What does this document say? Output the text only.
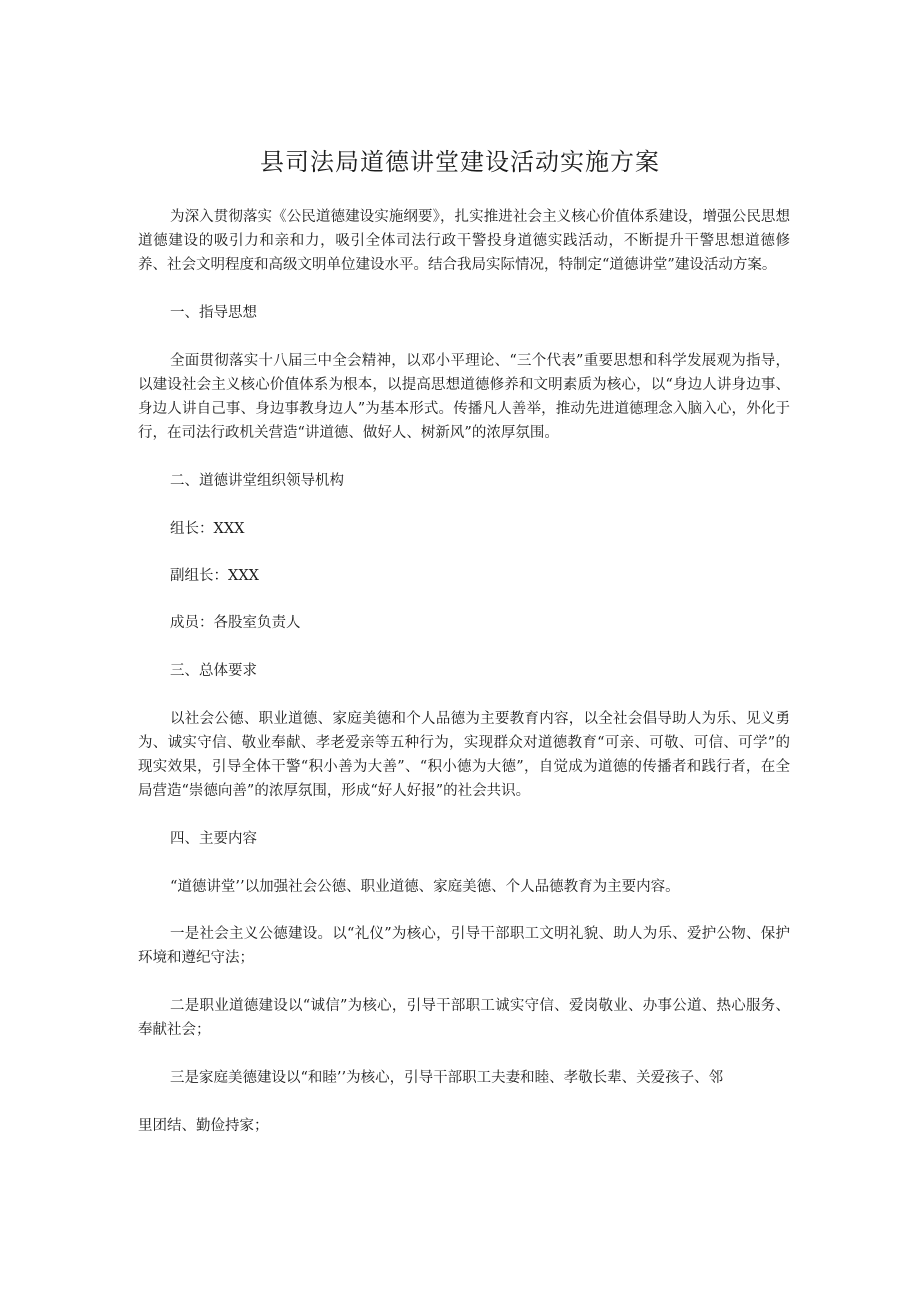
县司法局道德讲堂建设活动实施方案

为深入贯彻落实《公民道德建设实施纲要》，扎实推进社会主义核心价值体系建设，增强公民思想道德建设的吸引力和亲和力，吸引全体司法行政干警投身道德实践活动，不断提升干警思想道德修养、社会文明程度和高级文明单位建设水平。结合我局实际情况，特制定“道德讲堂”建设活动方案。

一、指导思想

全面贯彻落实十八届三中全会精神，以邓小平理论、“三个代表”重要思想和科学发展观为指导，以建设社会主义核心价值体系为根本，以提高思想道德修养和文明素质为核心，以“身边人讲身边事、身边人讲自己事、身边事教身边人”为基本形式。传播凡人善举，推动先进道德理念入脑入心，外化于行，在司法行政机关营造“讲道德、做好人、树新风”的浓厚氛围。

二、道德讲堂组织领导机构

组长：XXX

副组长：XXX

成员：各股室负责人

三、总体要求

以社会公德、职业道德、家庭美德和个人品德为主要教育内容，以全社会倡导助人为乐、见义勇为、诚实守信、敬业奉献、孝老爱亲等五种行为，实现群众对道德教育“可亲、可敬、可信、可学”的现实效果，引导全体干警“积小善为大善”、“积小德为大德”，自觉成为道德的传播者和践行者，在全局营造“崇德向善”的浓厚氛围，形成“好人好报”的社会共识。

四、主要内容

“道德讲堂’’以加强社会公德、职业道德、家庭美德、个人品德教育为主要内容。

一是社会主义公德建设。以“礼仪”为核心，引导干部职工文明礼貌、助人为乐、爱护公物、保护环境和遵纪守法；

二是职业道德建设以“诚信”为核心，引导干部职工诚实守信、爱岗敬业、办事公道、热心服务、奉献社会；

三是家庭美德建设以“和睦’’为核心，引导干部职工夫妻和睦、孝敬长辈、关爱孩子、邻

里团结、勤俭持家；
